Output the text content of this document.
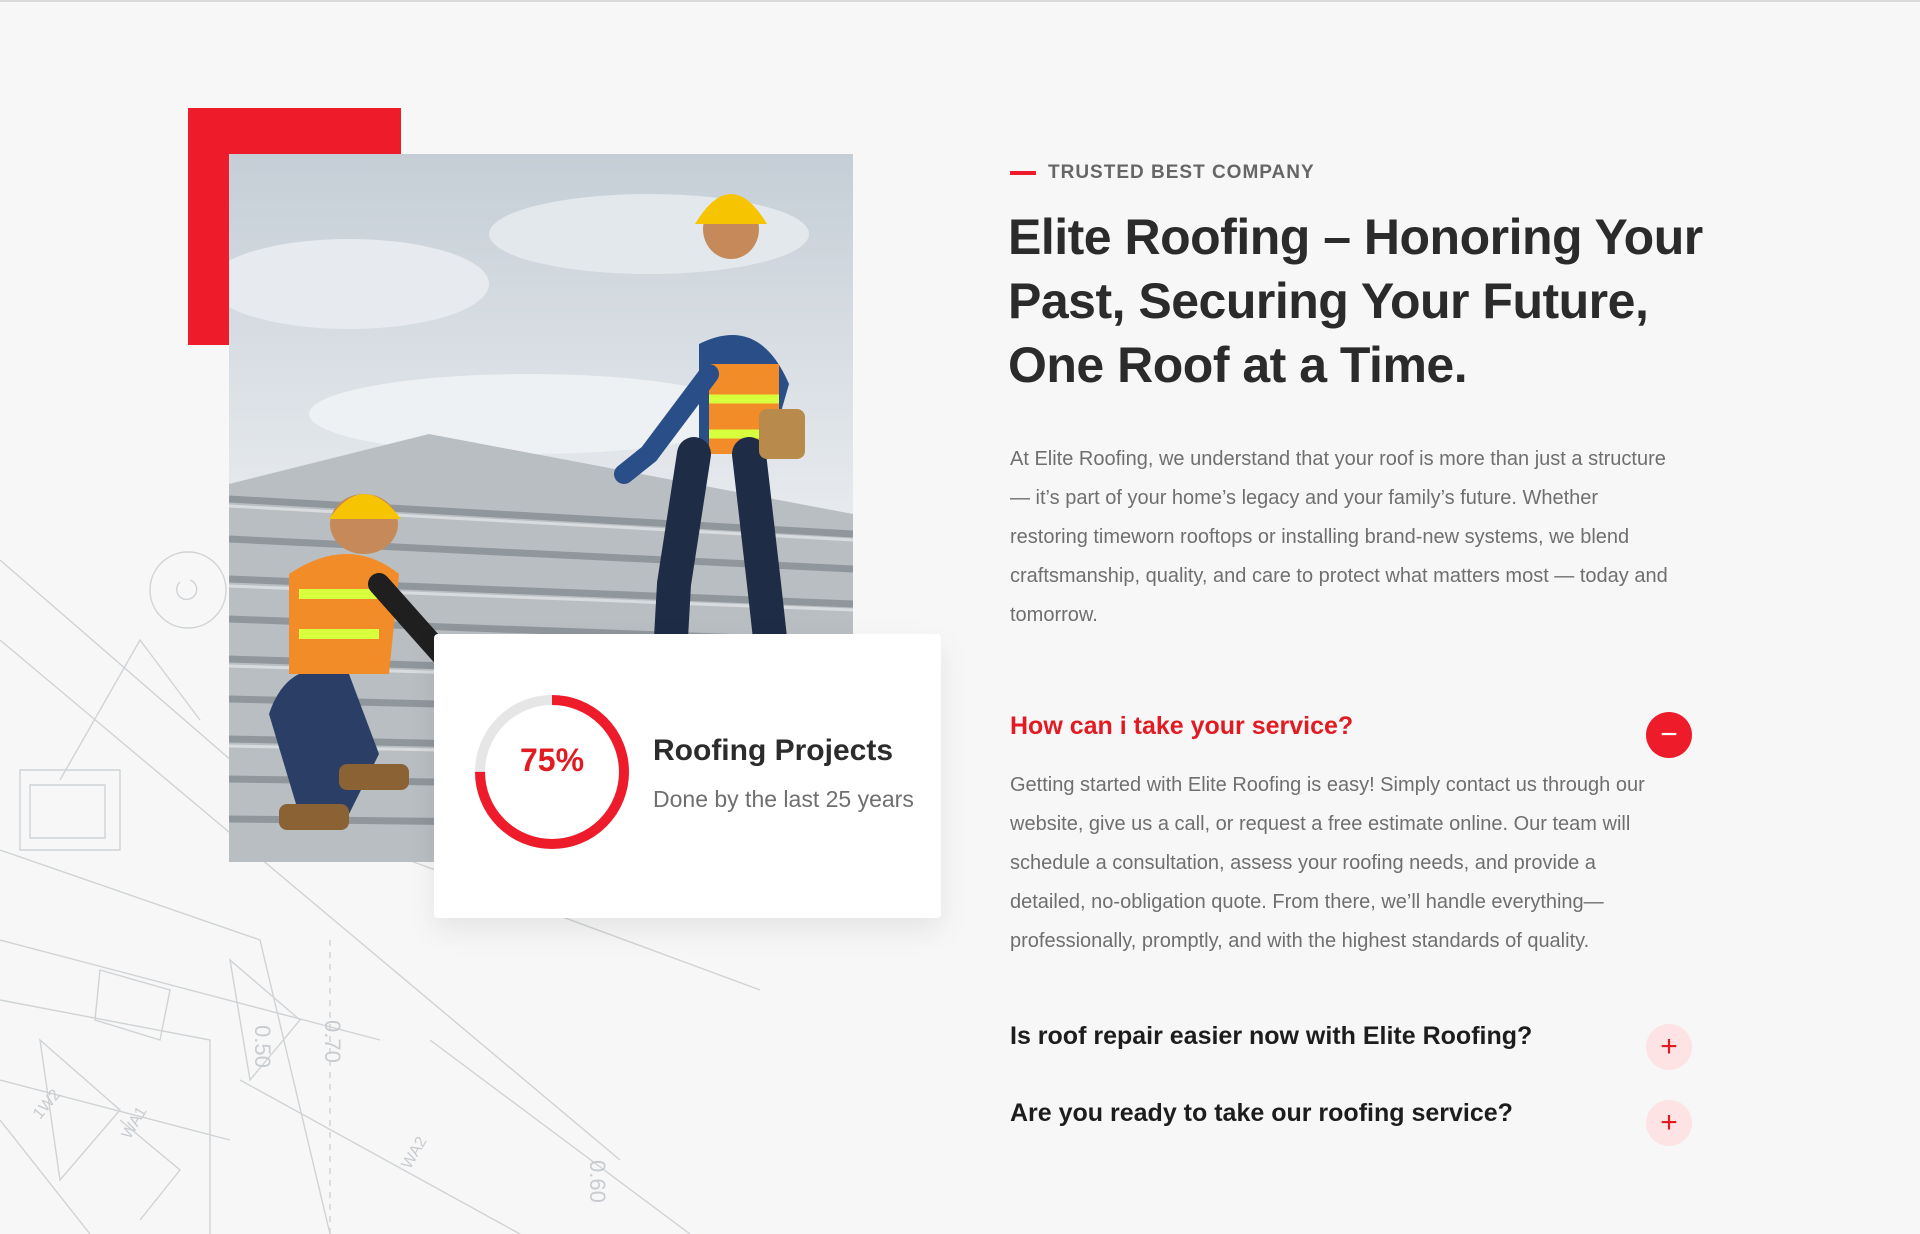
0.50 0.70
0.60
1W2	WA1
WA2
75%	Roofing Projects
Done by the last 25 years
TRUSTED BEST COMPANY
Elite Roofing – Honoring Your Past, Securing Your Future, One Roof at a Time.

At Elite Roofing, we understand that your roof is more than just a structure — it’s part of your home’s legacy and your family’s future. Whether restoring timeworn rooftops or installing brand-new systems, we blend craftsmanship, quality, and care to protect what matters most — today and tomorrow.

How can i take your service?
Getting started with Elite Roofing is easy! Simply contact us through our website, give us a call, or request a free estimate online. Our team will schedule a consultation, assess your roofing needs, and provide a detailed, no-obligation quote. From there, we’ll handle everything—professionally, promptly, and with the highest standards of quality.
−
Is roof repair easier now with Elite Roofing?	+
Are you ready to take our roofing service?	+
